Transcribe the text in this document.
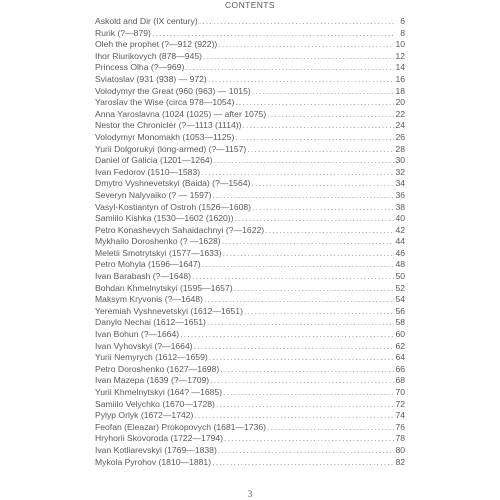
CONTENTS
Askold and Dir (IX century) . . .	6
Rurik (?—879) . . .	8
Oleh the prophet (?—912 (922)) . . .	10
Ihor Riurikovych (878—945) . . .	12
Princess Olha (?—969) . . .	14
Sviatoslav (931 (938) — 972) . . .	16
Volodymyr the Great (960 (963) — 1015) . . .	18
Yaroslav the Wise (circa 978—1054) . . .	20
Anna Yaroslavna (1024 (1025) — after 1075) . . .	22
Nestor the Chronicler (?—1113 (1114)) . . .	24
Volodymyr Monomakh (1053—1125) . . .	26
Yurii Dolgorukyi (long-armed) (?—1157) . . .	28
Daniel of Galicia (1201—1264) . . .	30
Ivan Fedorov (1510—1583) . . .	32
Dmytro Vyshnevetskyi (Baida) (?—1564) . . .	34
Severyn Nalyvaiko (? — 1597) . . .	36
Vasyl-Kostiantyn of Ostroh (1526—1608) . . .	38
Samiilo Kishka (1530—1602 (1620)) . . .	40
Petro Konashevych Sahaidachnyi (?—1622) . . .	42
Mykhailo Doroshenko (? —1628) . . .	44
Meletii Smotrytskyi (1577—1633) . . .	46
Petro Mohyla (1596—1647) . . .	48
Ivan Barabash (?—1648) . . .	50
Bohdan Khmelnytskyi (1595—1657) . . .	52
Maksym Kryvonis (?—1648) . . .	54
Yeremiah Vyshnevetskyi (1612—1651) . . .	56
Danylo Nechai (1612—1651) . . .	58
Ivan Bohun (?—1664) . . .	60
Ivan Vyhovskyi (?—1664) . . .	62
Yurii Nemyrych (1612—1659) . . .	64
Petro Doroshenko (1627—1698) . . .	66
Ivan Mazepa (1639 (?—1709) . . .	68
Yurii Khmelnytskyi (164? —1685) . . .	70
Samiilo Velychko (1670—1728) . . .	72
Pylyp Orlyk (1672—1742) . . .	74
Feofan (Eleazar) Prokopovych (1681—1736) . . .	76
Hryhorii Skovoroda (1722—1794) . . .	78
Ivan Kotliarevskyi (1769—1838) . . .	80
Mykola Pyrohov (1810—1881) . . .	82
3
